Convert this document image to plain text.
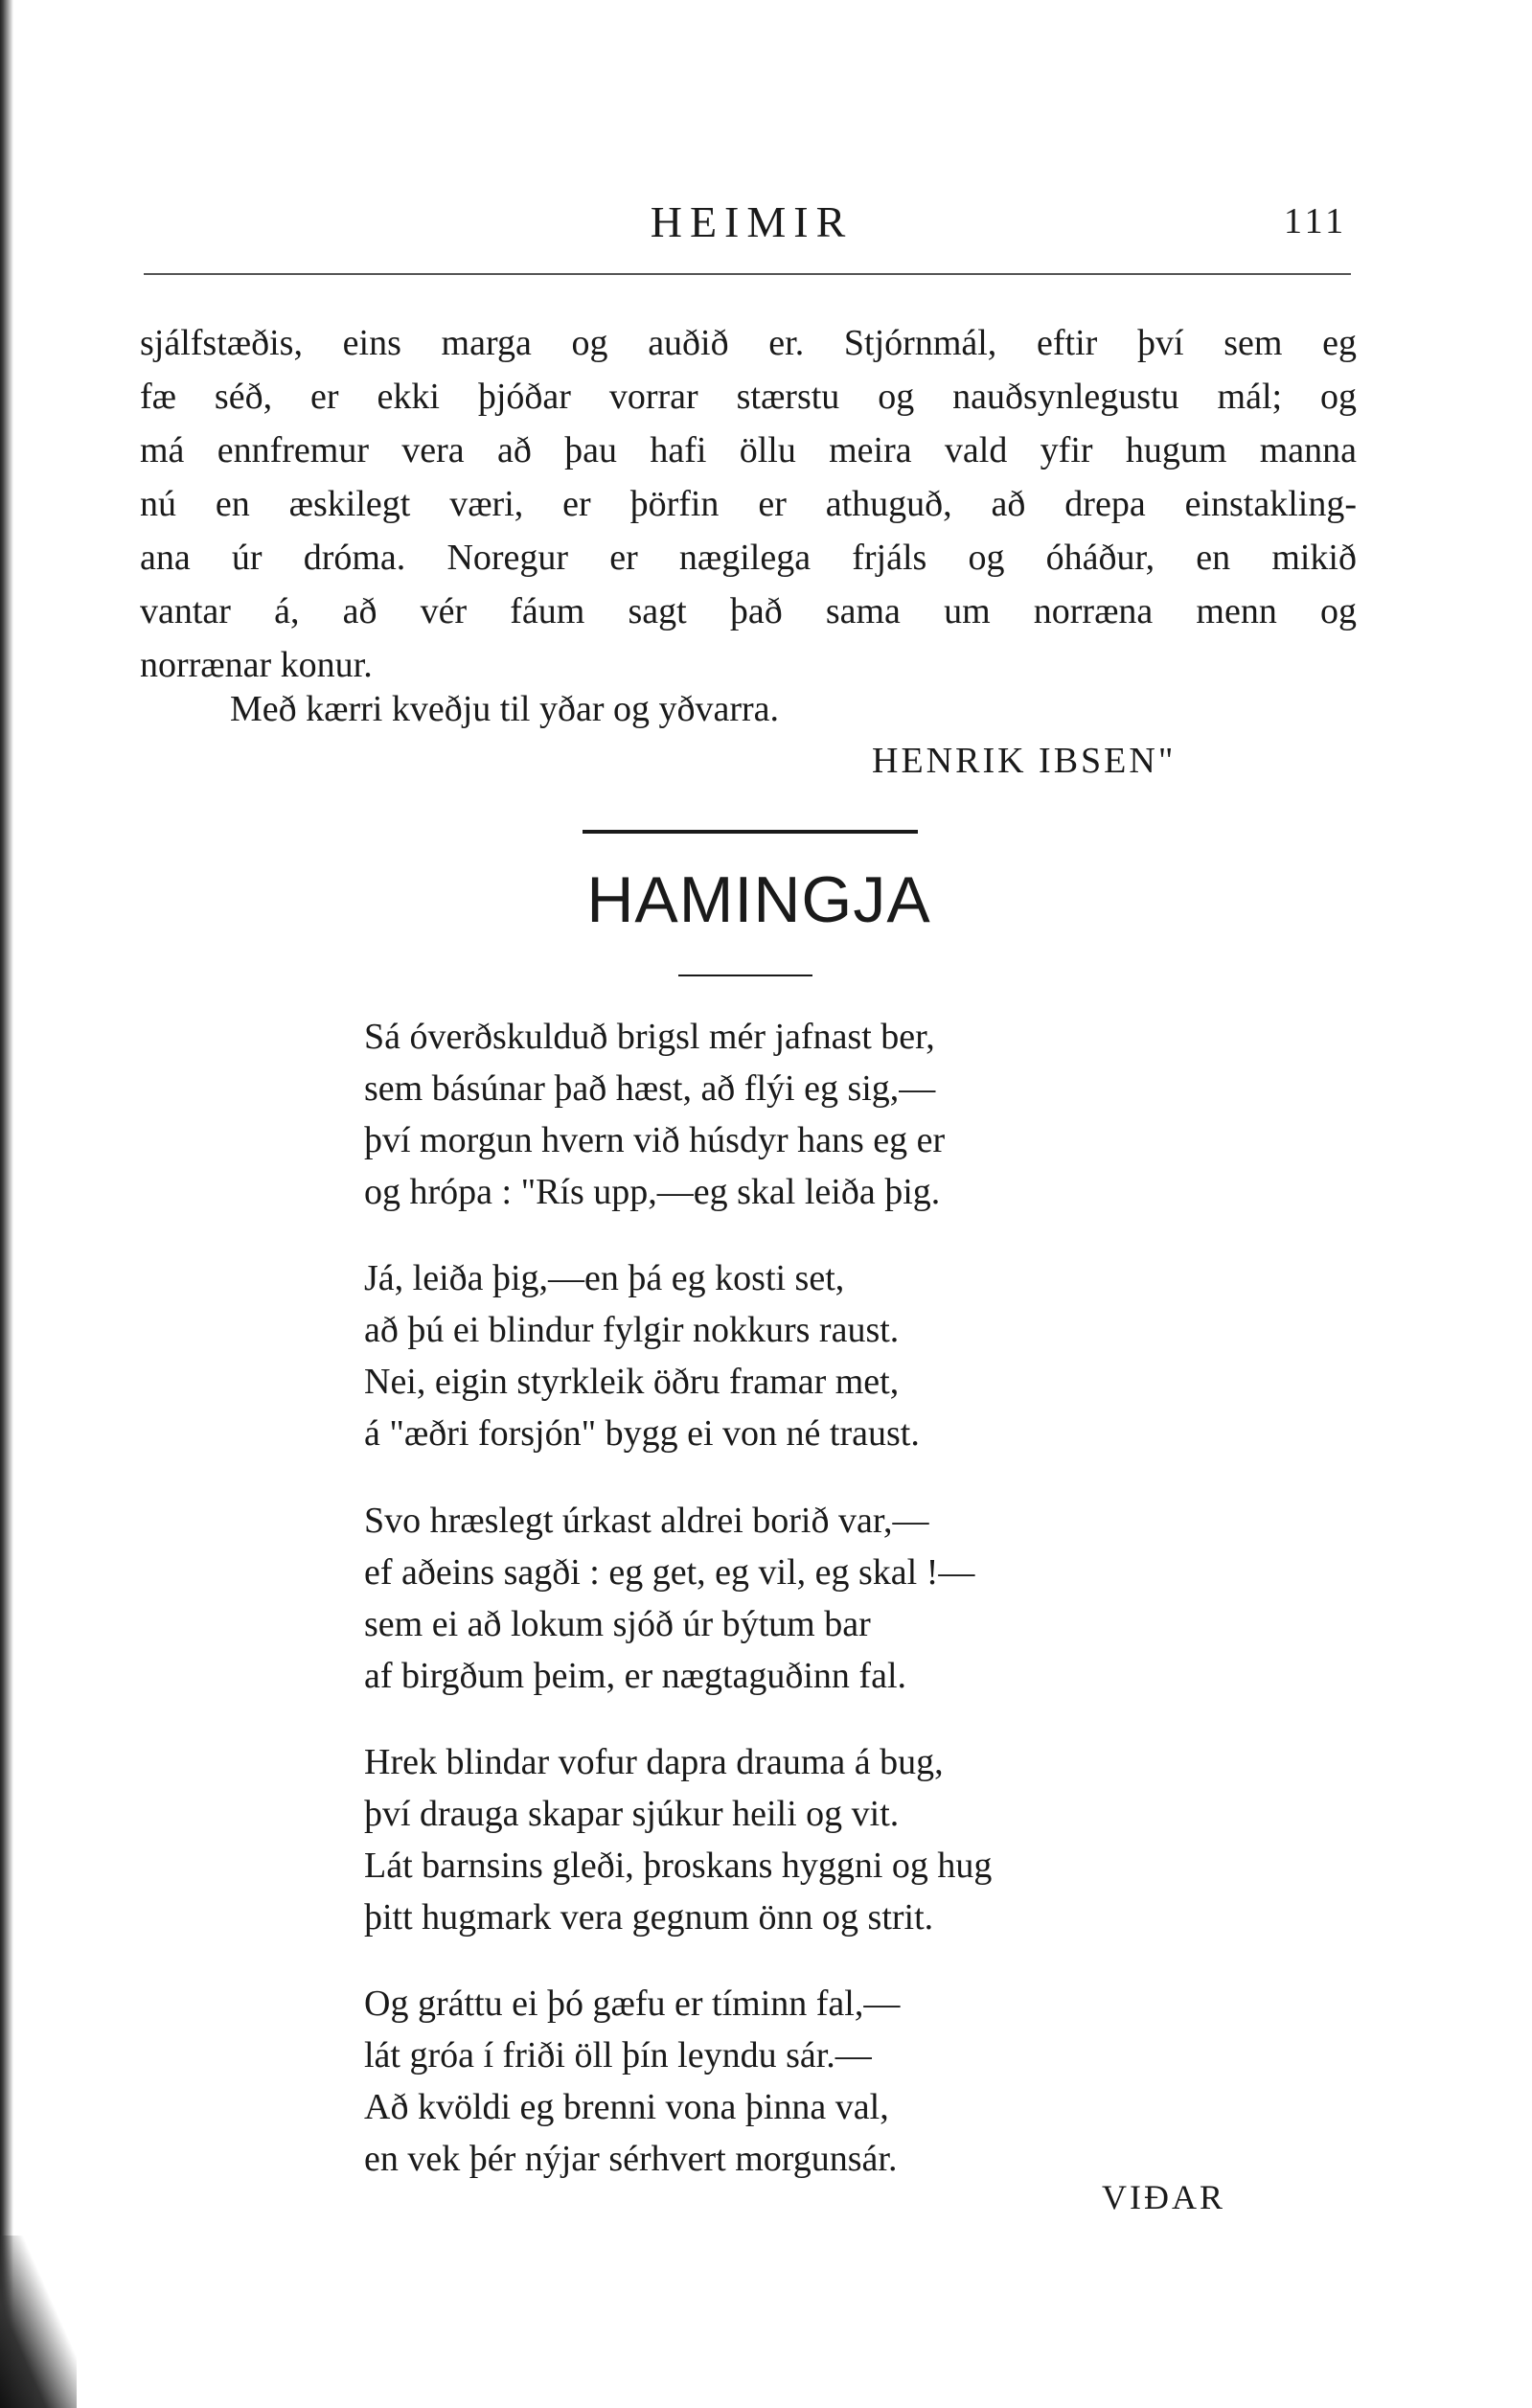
HEIMIR	111
sjálfstæðis, eins marga og auðið er. Stjórnmál, eftir því sem eg
fæ séð, er ekki þjóðar vorrar stærstu og nauðsynlegustu mál; og
má ennfremur vera að þau hafi öllu meira vald yfir hugum manna
nú en æskilegt væri, er þörfin er athuguð, að drepa einstakling-
ana úr dróma. Noregur er nægilega frjáls og óháður, en mikið
vantar á, að vér fáum sagt það sama um norræna menn og
norrænar konur.
Með kærri kveðju til yðar og yðvarra.
HENRIK IBSEN"
HAMINGJA
Sá óverðskulduð brigsl mér jafnast ber,
sem básúnar það hæst, að flýi eg sig,—
því morgun hvern við húsdyr hans eg er
og hrópa : "Rís upp,—eg skal leiða þig.
Já, leiða þig,—en þá eg kosti set,
að þú ei blindur fylgir nokkurs raust.
Nei, eigin styrkleik öðru framar met,
á "æðri forsjón" bygg ei von né traust.
Svo hræslegt úrkast aldrei borið var,—
ef aðeins sagði : eg get, eg vil, eg skal !—
sem ei að lokum sjóð úr býtum bar
af birgðum þeim, er nægtaguðinn fal.
Hrek blindar vofur dapra drauma á bug,
því drauga skapar sjúkur heili og vit.
Lát barnsins gleði, þroskans hyggni og hug
þitt hugmark vera gegnum önn og strit.
Og gráttu ei þó gæfu er tíminn fal,—
lát gróa í friði öll þín leyndu sár.—
Að kvöldi eg brenni vona þinna val,
en vek þér nýjar sérhvert morgunsár.
VIÐAR
